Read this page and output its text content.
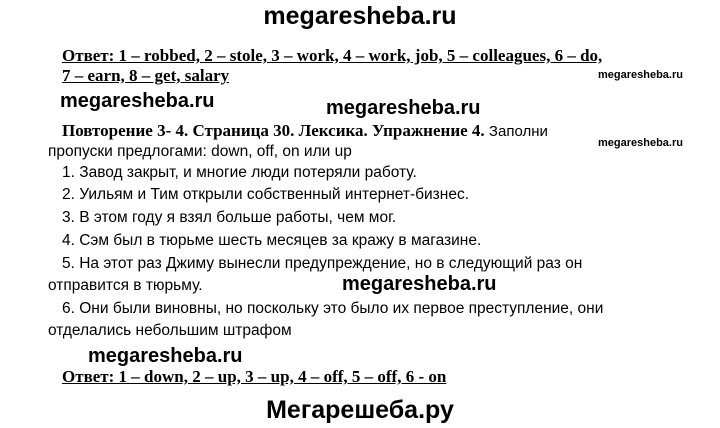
megaresheba.ru
Ответ: 1 – robbed, 2 – stole, 3 – work, 4 – work, job, 5 – colleagues, 6 – do,
7 – earn, 8 – get, salary	megaresheba.ru
megaresheba.ru	megaresheba.ru
Повторение 3- 4. Страница 30. Лексика. Упражнение 4. Заполни
megaresheba.ru
пропуски предлогами: down, off, on или up
1. Завод закрыт, и многие люди потеряли работу.
2. Уильям и Тим открыли собственный интернет-бизнес.
3. В этом году я взял больше работы, чем мог.
4. Сэм был в тюрьме шесть месяцев за кражу в магазине.
5. На этот раз Джиму вынесли предупреждение, но в следующий раз он
отправится в тюрьму.	megaresheba.ru
6. Они были виновны, но поскольку это было их первое преступление, они
отделались небольшим штрафом
megaresheba.ru
Ответ: 1 – down, 2 – up, 3 – up, 4 – off, 5 – off, 6 - on
Мегарешеба.ру
